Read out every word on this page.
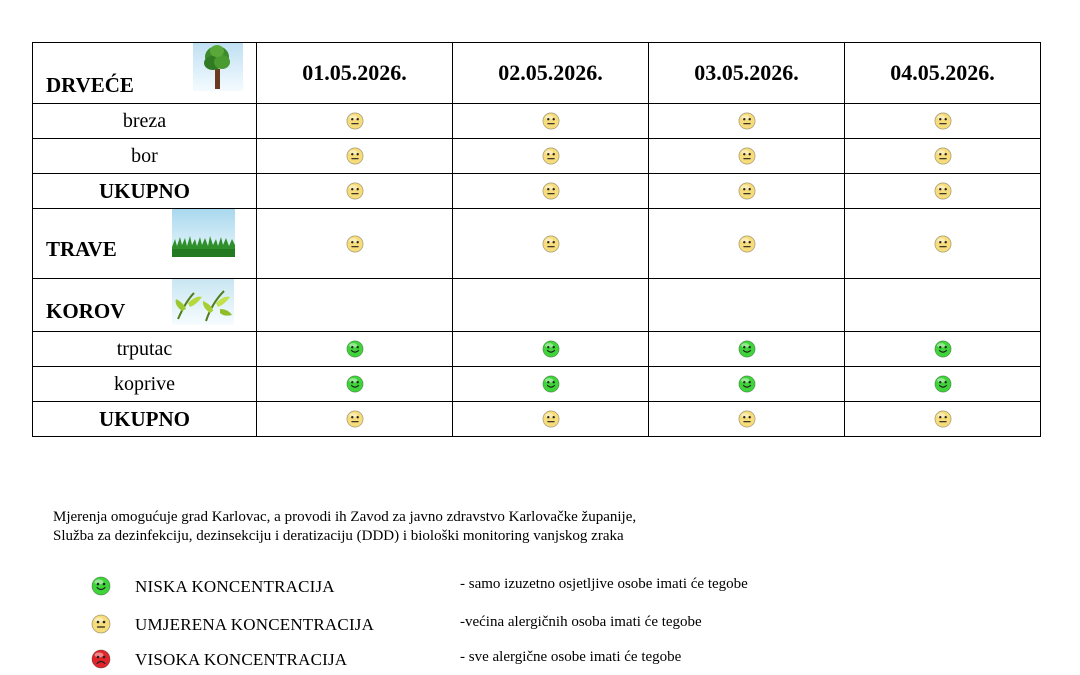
DRVEĆE	01.05.2026.	02.05.2026.	03.05.2026.	04.05.2026.
breza				
bor				
UKUPNO				

TRAVE

KOROV				

trputac				
koprive				
UKUPNO				
Mjerenja omogućuje grad Karlovac, a provodi ih Zavod za javno zdravstvo Karlovačke županije,
Služba za dezinfekciju, dezinsekciju i deratizaciju (DDD) i biološki monitoring vanjskog zraka
NISKA KONCENTRACIJA	- samo izuzetno osjetljive osobe imati će tegobe
UMJERENA KONCENTRACIJA	-većina alergičnih osoba imati će tegobe
VISOKA KONCENTRACIJA	- sve alergične osobe imati će tegobe
